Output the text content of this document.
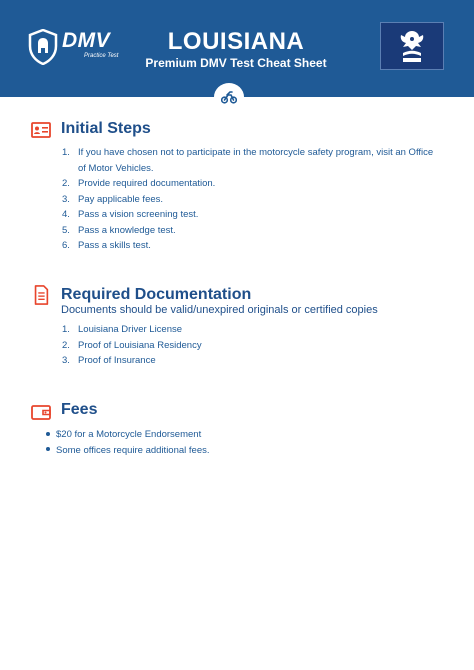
DMV
Practice Test
LOUISIANA
Premium DMV Test Cheat Sheet
Initial Steps
1. If you have chosen not to participate in the motorcycle safety program, visit an Office of Motor Vehicles.
2. Provide required documentation.
3. Pay applicable fees.
4. Pass a vision screening test.
5. Pass a knowledge test.
6. Pass a skills test.
Required Documentation
Documents should be valid/unexpired originals or certified copies
1. Louisiana Driver License
2. Proof of Louisiana Residency
3. Proof of Insurance
Fees
$20 for a Motorcycle Endorsement
Some offices require additional fees.
